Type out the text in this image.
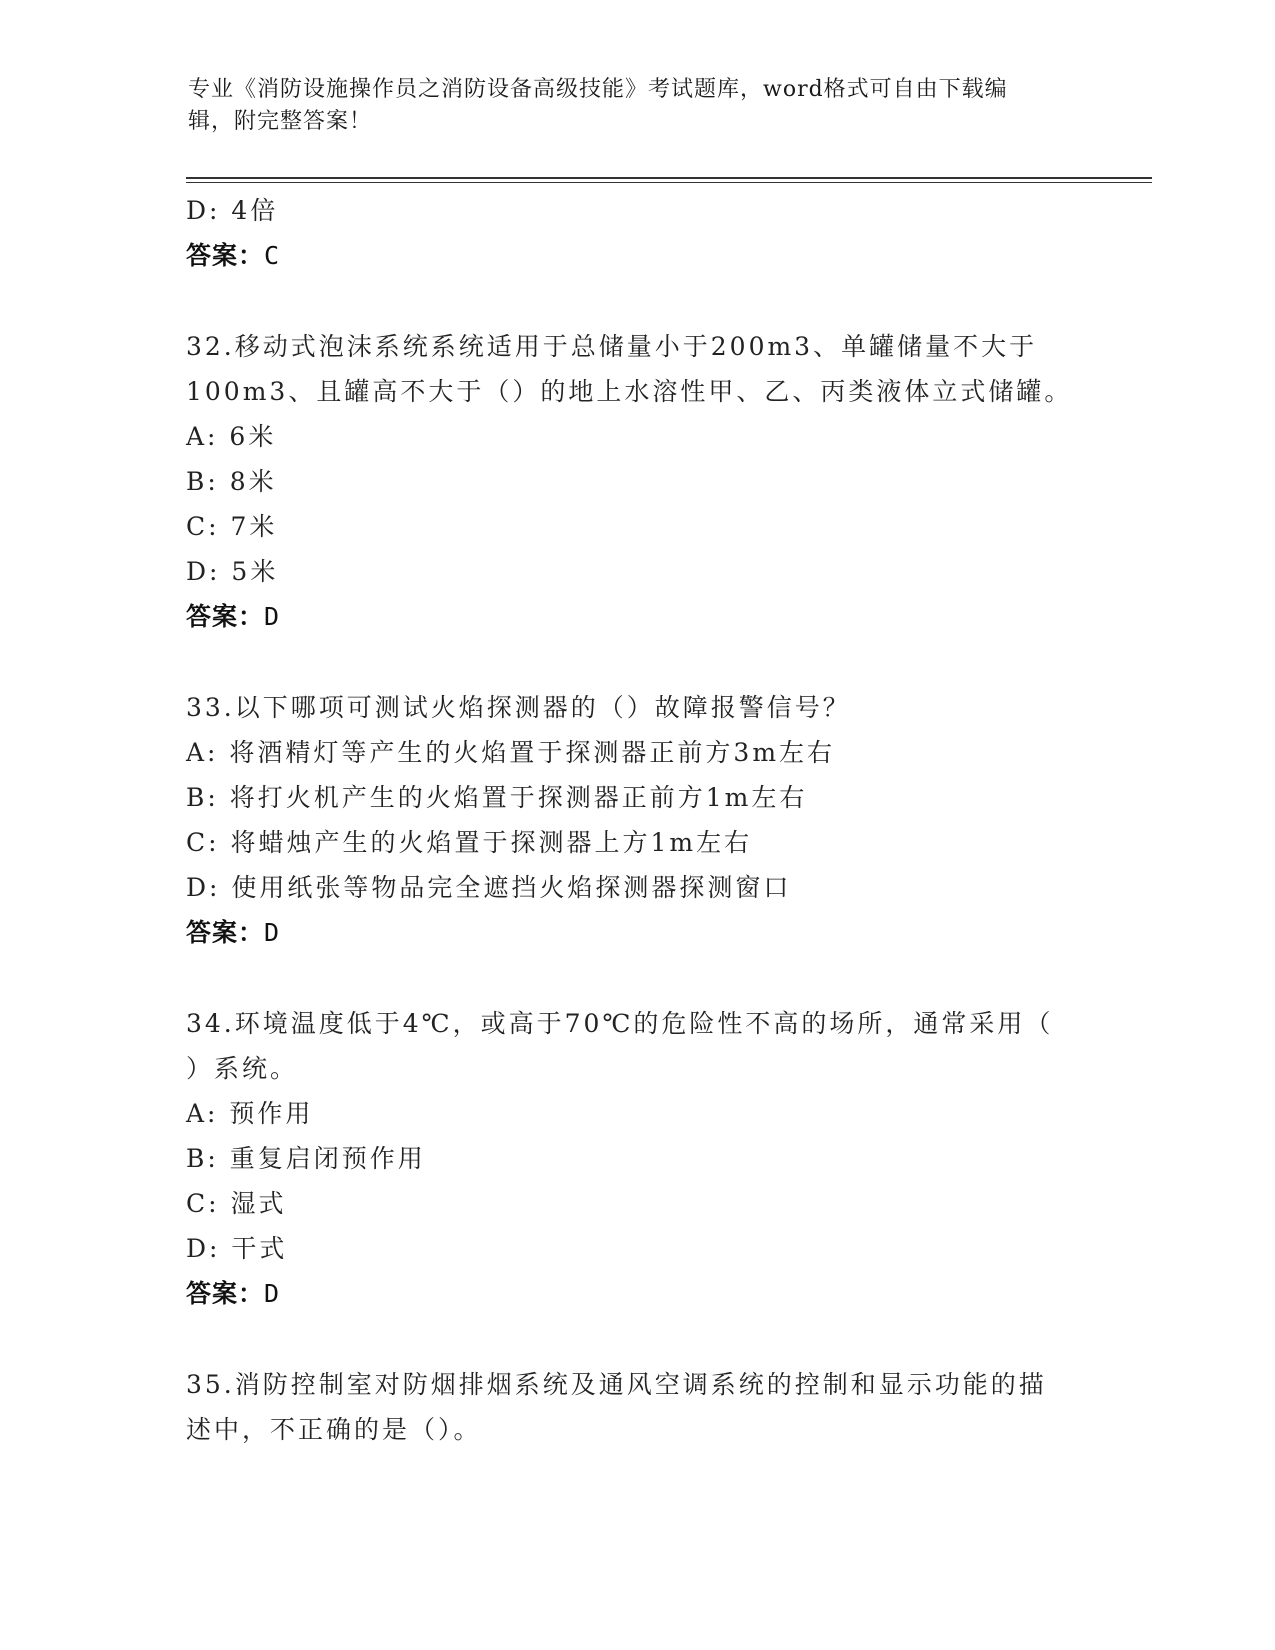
专业《消防设施操作员之消防设备高级技能》考试题库，word格式可自由下载编
辑，附完整答案！
D: 4倍
答案：C
32.移动式泡沫系统系统适用于总储量小于200m3、单罐储量不大于
100m3、且罐高不大于（）的地上水溶性甲、乙、丙类液体立式储罐。
A: 6米
B: 8米
C: 7米
D: 5米
答案：D
33.以下哪项可测试火焰探测器的（）故障报警信号？
A: 将酒精灯等产生的火焰置于探测器正前方3m左右
B: 将打火机产生的火焰置于探测器正前方1m左右
C: 将蜡烛产生的火焰置于探测器上方1m左右
D: 使用纸张等物品完全遮挡火焰探测器探测窗口
答案：D
34.环境温度低于4℃，或高于70℃的危险性不高的场所，通常采用（
）系统。
A: 预作用
B: 重复启闭预作用
C: 湿式
D: 干式
答案：D
35.消防控制室对防烟排烟系统及通风空调系统的控制和显示功能的描
述中，不正确的是（）。
